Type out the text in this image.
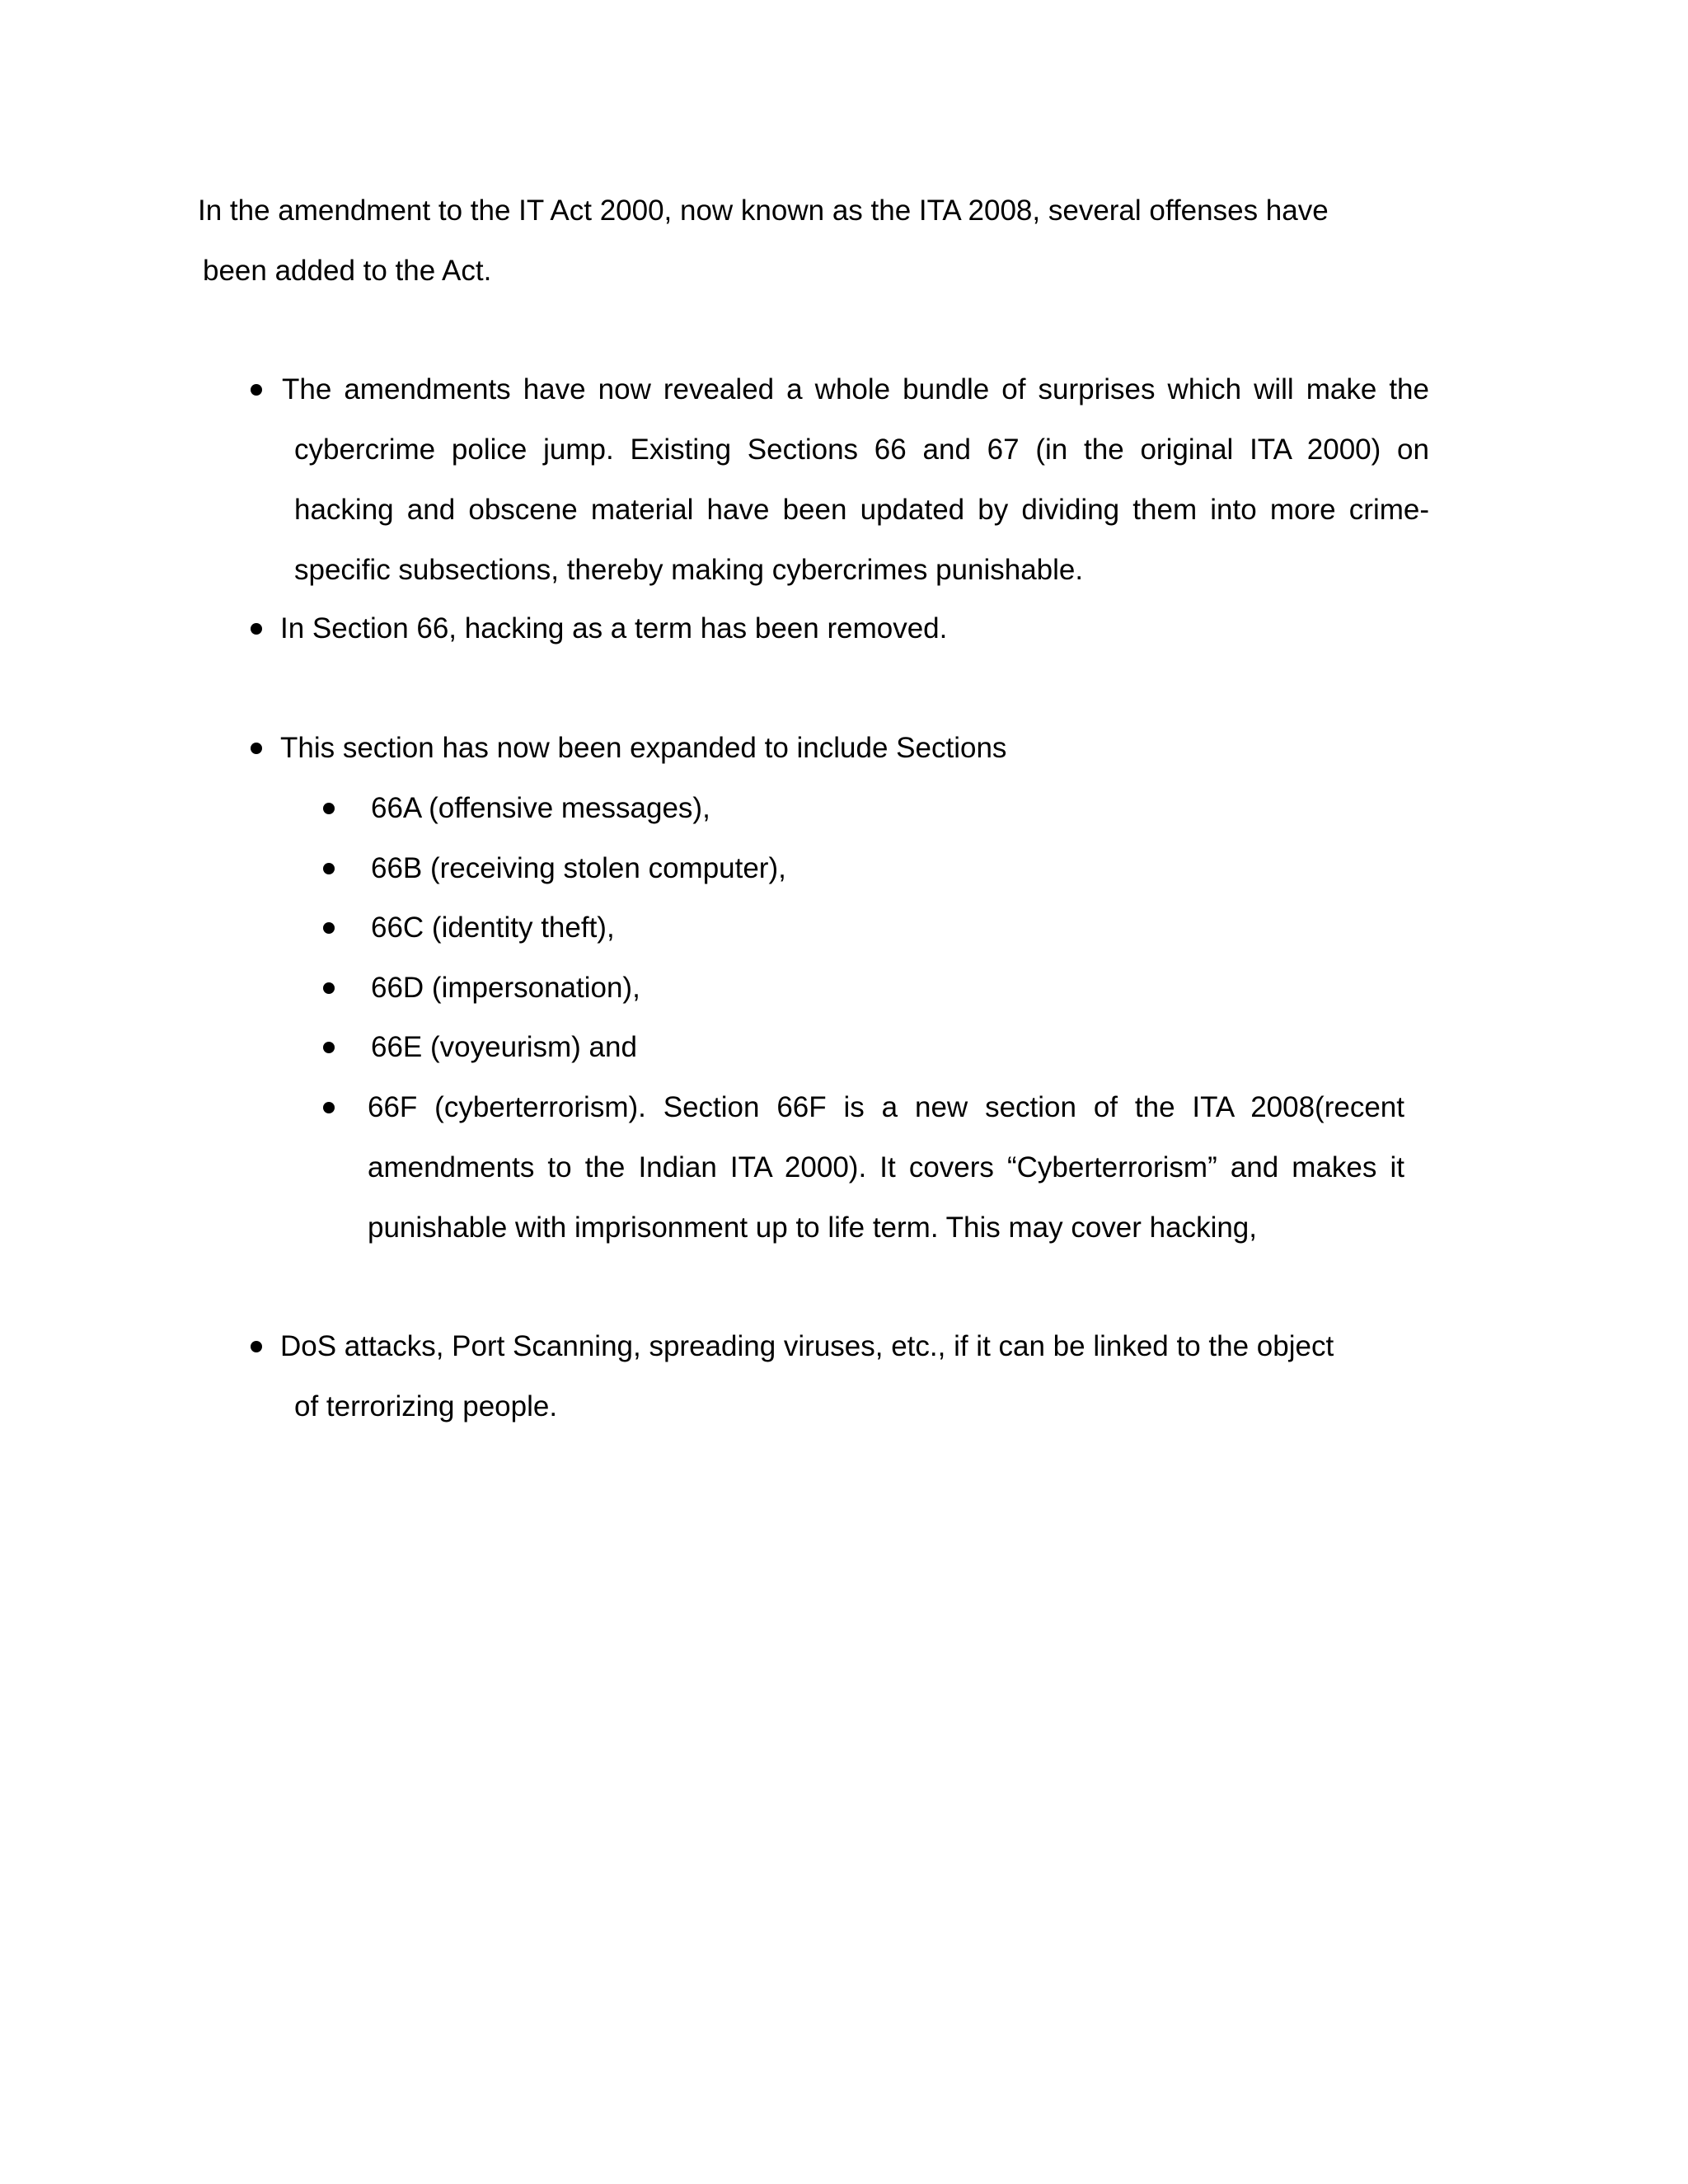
In the amendment to the IT Act 2000, now known as the ITA 2008, several offenses have
been added to the Act.
The amendments have now revealed a whole bundle of surprises which will make the
cybercrime police jump. Existing Sections 66 and 67 (in the original ITA 2000) on
hacking and obscene material have been updated by dividing them into more crime-
specific subsections, thereby making cybercrimes punishable.
In Section 66, hacking as a term has been removed.
This section has now been expanded to include Sections
66A (offensive messages),
66B (receiving stolen computer),
66C (identity theft),
66D (impersonation),
66E (voyeurism) and
66F (cyberterrorism). Section 66F is a new section of the ITA 2008(recent
amendments to the Indian ITA 2000). It covers “Cyberterrorism” and makes it
punishable with imprisonment up to life term. This may cover hacking,
DoS attacks, Port Scanning, spreading viruses, etc., if it can be linked to the object
of terrorizing people.
